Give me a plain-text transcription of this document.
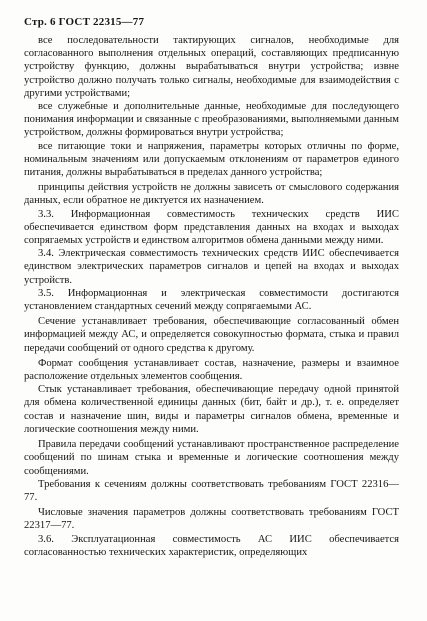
Стр. 6 ГОСТ 22315—77

все последовательности тактирующих сигналов, необходимые для согласованного выполнения отдельных операций, составляющих предписанную устройству функцию, должны вырабатываться внутри устройства; извне устройство должно получать только сигналы, необходимые для взаимодействия с другими устройствами;

все служебные и дополнительные данные, необходимые для последующего понимания информации и связанные с преобразованиями, выполняемыми данным устройством, должны формироваться внутри устройства;

все питающие токи и напряжения, параметры которых отличны по форме, номинальным значениям или допускаемым отклонениям от параметров единого питания, должны вырабатываться в пределах данного устройства;

принципы действия устройств не должны зависеть от смыслового содержания данных, если обратное не диктуется их назначением.

3.3. Информационная совместимость технических средств ИИС обеспечивается единством форм представления данных на входах и выходах сопрягаемых устройств и единством алгоритмов обмена данными между ними.

3.4. Электрическая совместимость технических средств ИИС обеспечивается единством электрических параметров сигналов и цепей на входах и выходах устройств.

3.5. Информационная и электрическая совместимости достигаются установлением стандартных сечений между сопрягаемыми АС.

Сечение устанавливает требования, обеспечивающие согласованный обмен информацией между АС, и определяется совокупностью формата, стыка и правил передачи сообщений от одного средства к другому.

Формат сообщения устанавливает состав, назначение, размеры и взаимное расположение отдельных элементов сообщения.

Стык устанавливает требования, обеспечивающие передачу одной принятой для обмена количественной единицы данных (бит, байт и др.), т. е. определяет состав и назначение шин, виды и параметры сигналов обмена, временные и логические соотношения между ними.

Правила передачи сообщений устанавливают пространственное распределение сообщений по шинам стыка и временные и логические соотношения между сообщениями.

Требования к сечениям должны соответствовать требованиям ГОСТ 22316—77.

Числовые значения параметров должны соответствовать требованиям ГОСТ 22317—77.

3.6. Эксплуатационная совместимость АС ИИС обеспечивается согласованностью технических характеристик, определяющих
